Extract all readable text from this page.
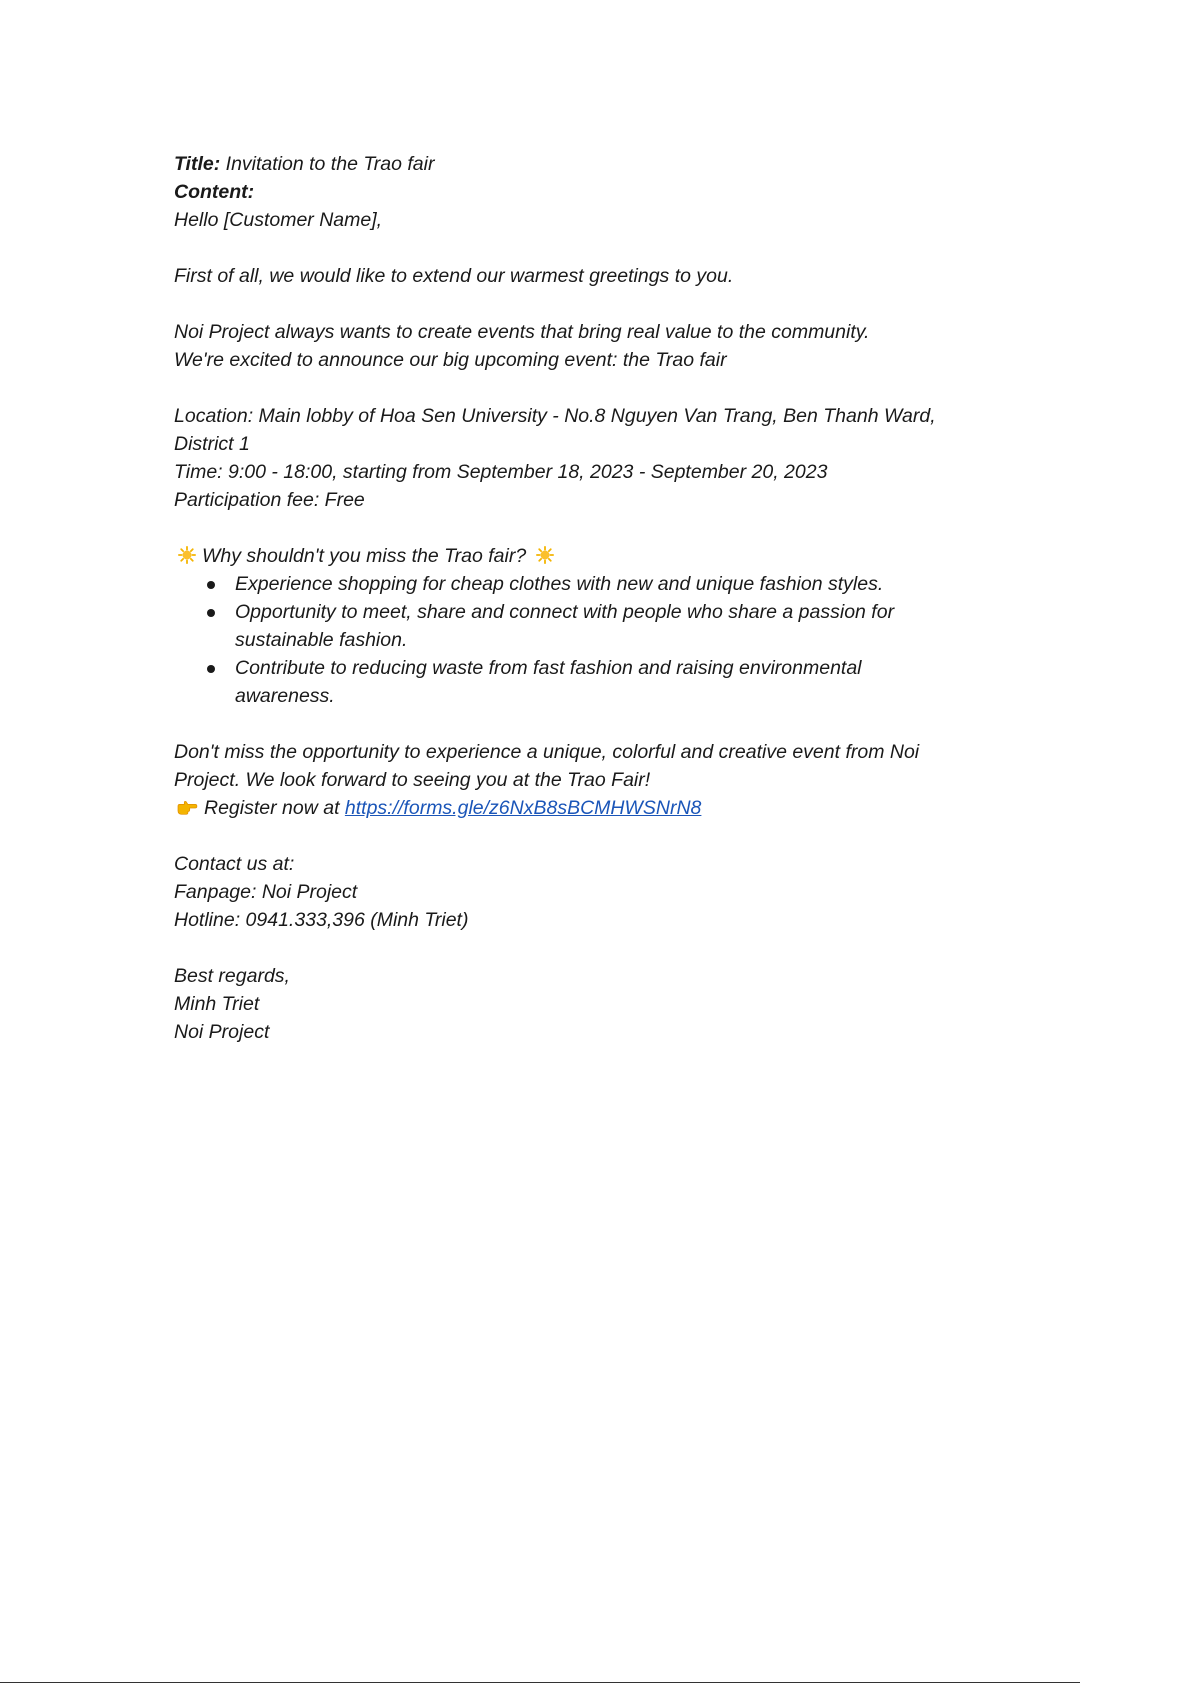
Title: Invitation to the Trao fair

Content:

Hello [Customer Name],

First of all, we would like to extend our warmest greetings to you.

Noi Project always wants to create events that bring real value to the community.

We're excited to announce our big upcoming event: the Trao fair

Location: Main lobby of Hoa Sen University - No.8 Nguyen Van Trang, Ben Thanh Ward,

District 1

Time: 9:00 - 18:00, starting from September 18, 2023 - September 20, 2023

Participation fee: Free

Why shouldn't you miss the Trao fair?

Experience shopping for cheap clothes with new and unique fashion styles.
Opportunity to meet, share and connect with people who share a passion for sustainable fashion.
Contribute to reducing waste from fast fashion and raising environmental awareness.

Don't miss the opportunity to experience a unique, colorful and creative event from Noi

Project. We look forward to seeing you at the Trao Fair!

Register now at https://forms.gle/z6NxB8sBCMHWSNrN8

Contact us at:

Fanpage: Noi Project

Hotline: 0941.333,396 (Minh Triet)

Best regards,

Minh Triet

Noi Project
